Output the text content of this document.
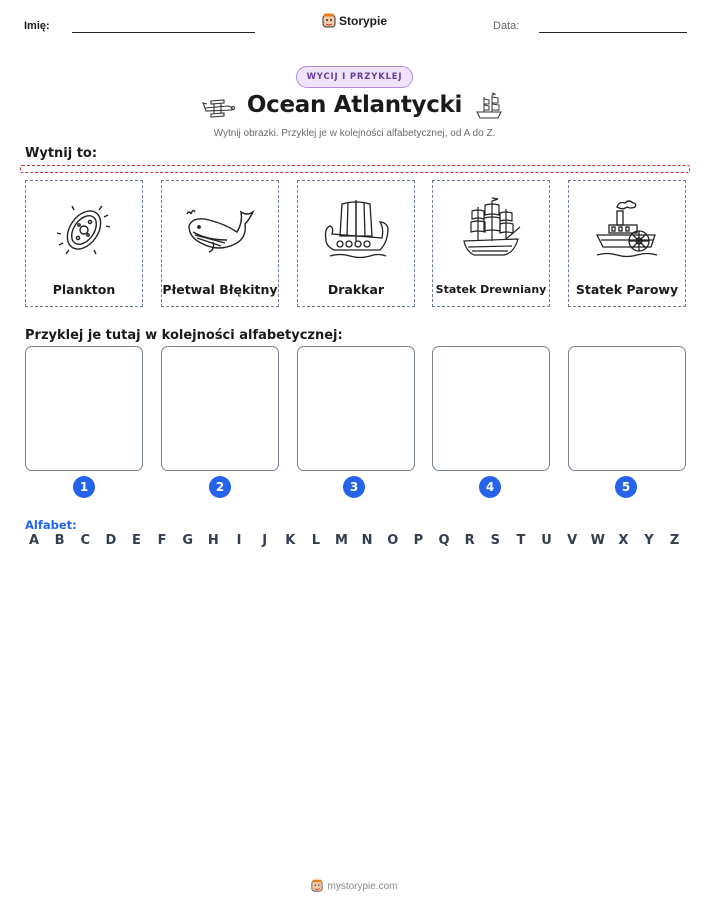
Imię:	Storypie	Data:
WYCIJ I PRZYKLEJ
Ocean Atlantycki
Wytnij obrazki. Przyklej je w kolejności alfabetycznej, od A do Z.
Wytnij to:
Plankton	Płetwal Błękitny	Drakkar	Statek Drewniany	Statek Parowy
Przyklej je tutaj w kolejności alfabetycznej:
1	2	3	4	5
Alfabet:
A	B	C	D	E	F	G H	I	J	K	L	M N O	P	Q	R	S	T	U	V	W	X	Y	Z
mystorypie.com
